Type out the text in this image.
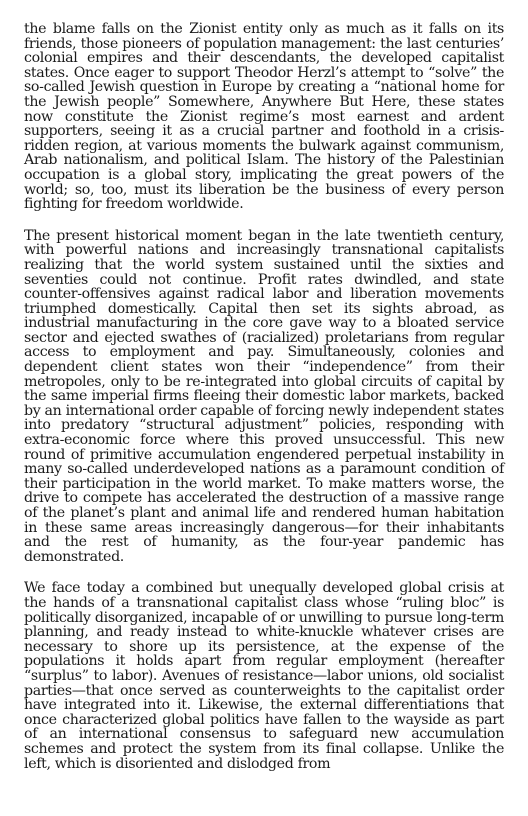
the blame falls on the Zionist entity only as much as it falls on its friends, those pioneers of population management: the last centuries’ colonial empires and their descendants, the developed capitalist states. Once eager to support Theodor Herzl’s attempt to “solve” the so-called Jewish question in Europe by creating a “national home for the Jewish people” Somewhere, Anywhere But Here, these states now constitute the Zionist regime’s most earnest and ardent supporters, seeing it as a crucial partner and foothold in a crisis-ridden region, at various moments the bulwark against communism, Arab nationalism, and political Islam. The history of the Palestinian occupation is a global story, implicating the great powers of the world; so, too, must its liberation be the business of every person fighting for freedom worldwide.

The present historical moment began in the late twentieth century, with powerful nations and increasingly transnational capitalists realizing that the world system sustained until the sixties and seventies could not continue. Profit rates dwindled, and state counter-offensives against radical labor and liberation movements triumphed domestically. Capital then set its sights abroad, as industrial manufacturing in the core gave way to a bloated service sector and ejected swathes of (racialized) proletarians from regular access to employment and pay. Simultaneously, colonies and dependent client states won their “independence” from their metropoles, only to be re-integrated into global circuits of capital by the same imperial firms fleeing their domestic labor markets, backed by an international order capable of forcing newly independent states into predatory “structural adjustment” policies, responding with extra-economic force where this proved unsuccessful. This new round of primitive accumulation engendered perpetual instability in many so-called underdeveloped nations as a paramount condition of their participation in the world market. To make matters worse, the drive to compete has accelerated the destruction of a massive range of the planet’s plant and animal life and rendered human habitation in these same areas increasingly dangerous—for their inhabitants and the rest of humanity, as the four-year pandemic has demonstrated.

We face today a combined but unequally developed global crisis at the hands of a transnational capitalist class whose “ruling bloc” is politically disorganized, incapable of or unwilling to pursue long-term planning, and ready instead to white-knuckle whatever crises are necessary to shore up its persistence, at the expense of the populations it holds apart from regular employment (hereafter “surplus” to labor). Avenues of resistance—labor unions, old socialist parties—that once served as counterweights to the capitalist order have integrated into it. Likewise, the external differentiations that once characterized global politics have fallen to the wayside as part of an international consensus to safeguard new accumulation schemes and protect the system from its final collapse. Unlike the left, which is disoriented and dislodged from
